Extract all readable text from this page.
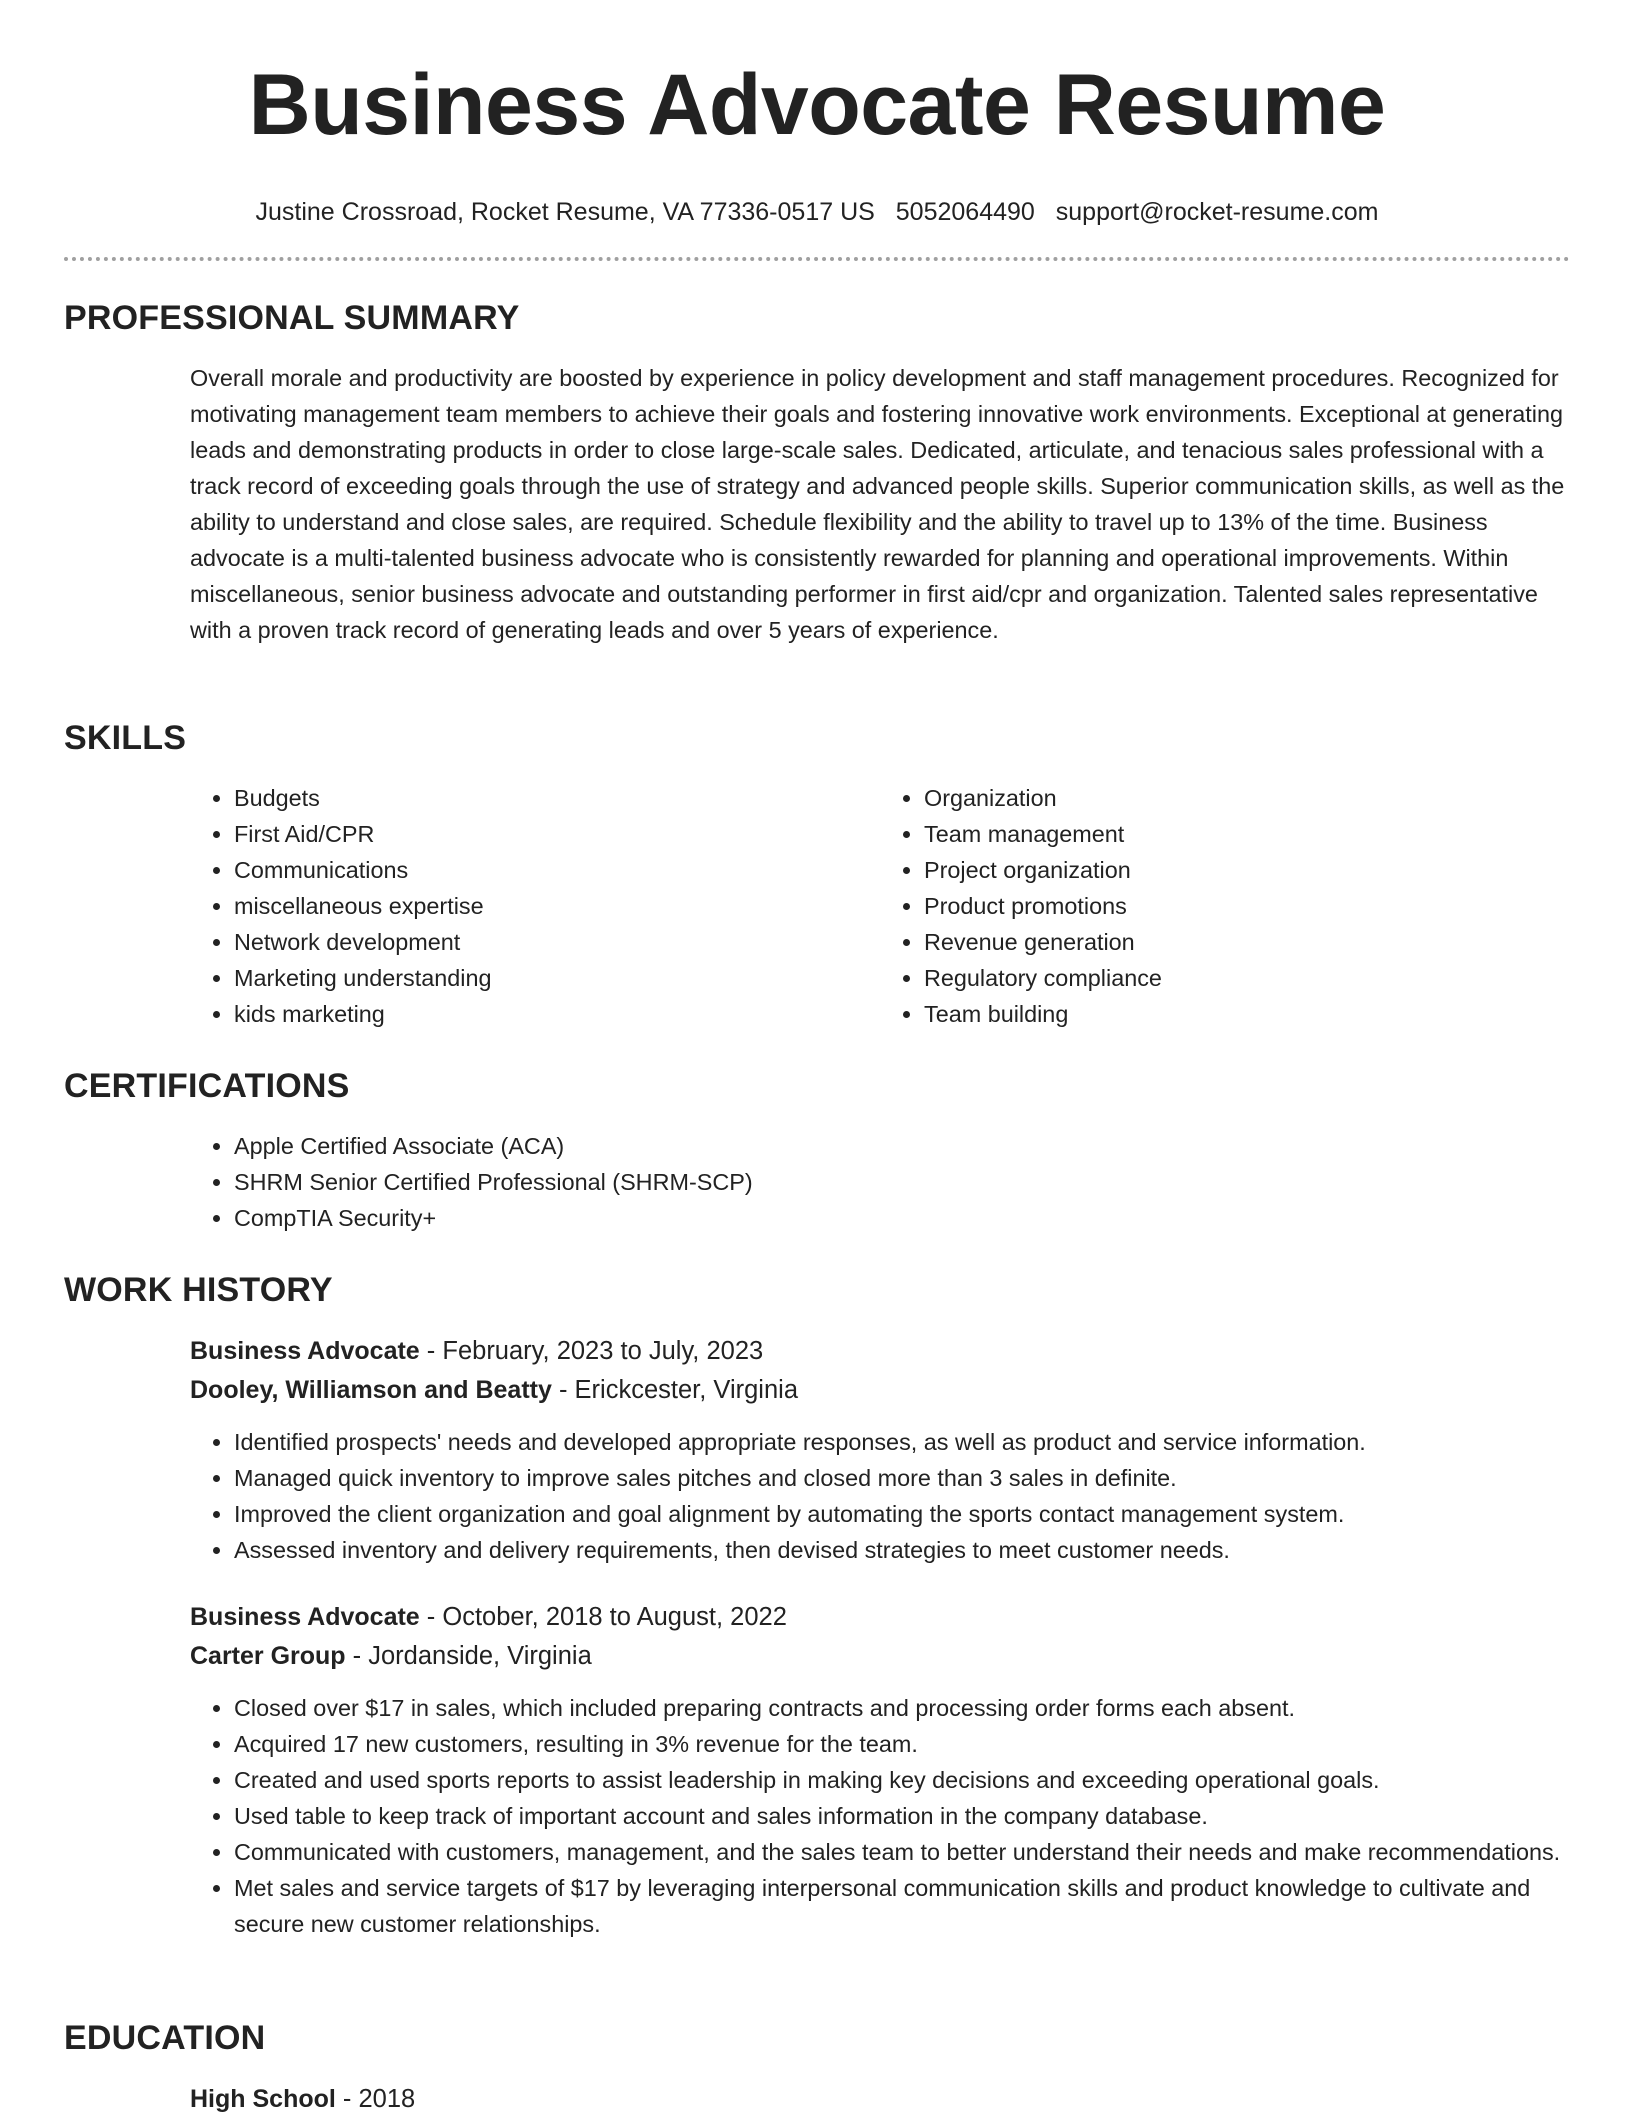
Business Advocate Resume
Justine Crossroad, Rocket Resume, VA 77336-0517 US 5052064490 support@rocket-resume.com
PROFESSIONAL SUMMARY

Overall morale and productivity are boosted by experience in policy development and staff management procedures. Recognized for motivating management team members to achieve their goals and fostering innovative work environments. Exceptional at generating leads and demonstrating products in order to close large-scale sales. Dedicated, articulate, and tenacious sales professional with a track record of exceeding goals through the use of strategy and advanced people skills. Superior communication skills, as well as the ability to understand and close sales, are required. Schedule flexibility and the ability to travel up to 13% of the time. Business advocate is a multi-talented business advocate who is consistently rewarded for planning and operational improvements. Within miscellaneous, senior business advocate and outstanding performer in first aid/cpr and organization. Talented sales representative with a proven track record of generating leads and over 5 years of experience.

SKILLS
• Budgets
• First Aid/CPR
• Communications
• miscellaneous expertise
• Network development
• Marketing understanding
• kids marketing
• Organization
• Team management
• Project organization
• Product promotions
• Revenue generation
• Regulatory compliance
• Team building
CERTIFICATIONS
• Apple Certified Associate (ACA)
• SHRM Senior Certified Professional (SHRM-SCP)
• CompTIA Security+
WORK HISTORY
Business Advocate - February, 2023 to July, 2023
Dooley, Williamson and Beatty - Erickcester, Virginia
• Identified prospects' needs and developed appropriate responses, as well as product and service information.
• Managed quick inventory to improve sales pitches and closed more than 3 sales in definite.
• Improved the client organization and goal alignment by automating the sports contact management system.
• Assessed inventory and delivery requirements, then devised strategies to meet customer needs.
Business Advocate - October, 2018 to August, 2022
Carter Group - Jordanside, Virginia
• Closed over $17 in sales, which included preparing contracts and processing order forms each absent.
• Acquired 17 new customers, resulting in 3% revenue for the team.
• Created and used sports reports to assist leadership in making key decisions and exceeding operational goals.
• Used table to keep track of important account and sales information in the company database.
• Communicated with customers, management, and the sales team to better understand their needs and make recommendations.
• Met sales and service targets of $17 by leveraging interpersonal communication skills and product knowledge to cultivate and secure new customer relationships.
EDUCATION
High School - 2018
